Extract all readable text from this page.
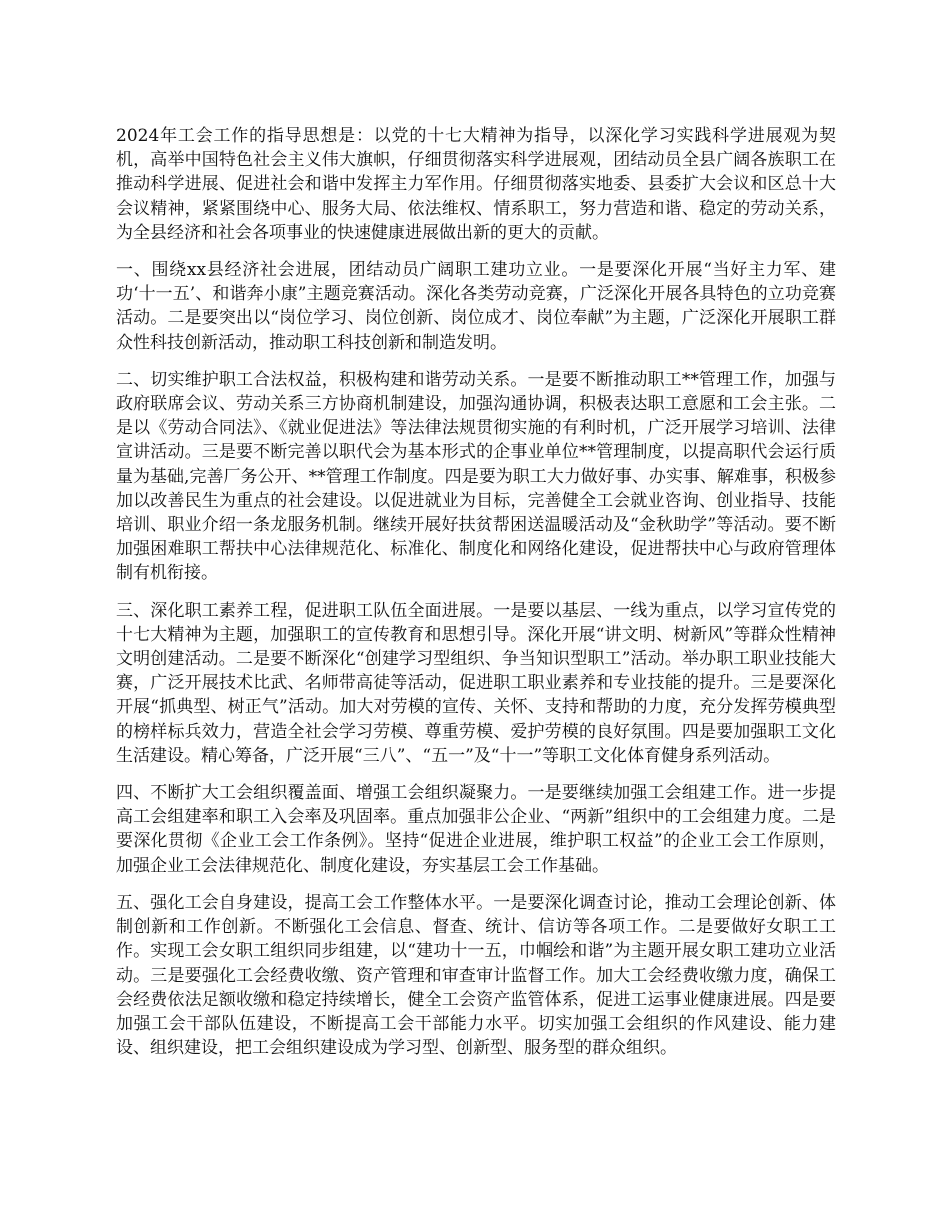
2024年工会工作的指导思想是：以党的十七大精神为指导，以深化学习实践科学进展观为契机，高举中国特色社会主义伟大旗帜，仔细贯彻落实科学进展观，团结动员全县广阔各族职工在推动科学进展、促进社会和谐中发挥主力军作用。仔细贯彻落实地委、县委扩大会议和区总十大会议精神，紧紧围绕中心、服务大局、依法维权、情系职工，努力营造和谐、稳定的劳动关系，为全县经济和社会各项事业的快速健康进展做出新的更大的贡献。

一、围绕xx县经济社会进展，团结动员广阔职工建功立业。一是要深化开展“当好主力军、建功‘十一五’、和谐奔小康”主题竞赛活动。深化各类劳动竞赛，广泛深化开展各具特色的立功竞赛活动。二是要突出以“岗位学习、岗位创新、岗位成才、岗位奉献”为主题，广泛深化开展职工群众性科技创新活动，推动职工科技创新和制造发明。

二、切实维护职工合法权益，积极构建和谐劳动关系。一是要不断推动职工**管理工作，加强与政府联席会议、劳动关系三方协商机制建设，加强沟通协调，积极表达职工意愿和工会主张。二是以《劳动合同法》、《就业促进法》等法律法规贯彻实施的有利时机，广泛开展学习培训、法律宣讲活动。三是要不断完善以职代会为基本形式的企事业单位**管理制度，以提高职代会运行质量为基础,完善厂务公开、**管理工作制度。四是要为职工大力做好事、办实事、解难事，积极参加以改善民生为重点的社会建设。以促进就业为目标，完善健全工会就业咨询、创业指导、技能培训、职业介绍一条龙服务机制。继续开展好扶贫帮困送温暖活动及“金秋助学”等活动。要不断加强困难职工帮扶中心法律规范化、标准化、制度化和网络化建设，促进帮扶中心与政府管理体制有机衔接。

三、深化职工素养工程，促进职工队伍全面进展。一是要以基层、一线为重点，以学习宣传党的十七大精神为主题，加强职工的宣传教育和思想引导。深化开展“讲文明、树新风”等群众性精神文明创建活动。二是要不断深化“创建学习型组织、争当知识型职工”活动。举办职工职业技能大赛，广泛开展技术比武、名师带高徒等活动，促进职工职业素养和专业技能的提升。三是要深化开展“抓典型、树正气”活动。加大对劳模的宣传、关怀、支持和帮助的力度，充分发挥劳模典型的榜样标兵效力，营造全社会学习劳模、尊重劳模、爱护劳模的良好氛围。四是要加强职工文化生活建设。精心筹备，广泛开展“三八”、“五一”及“十一”等职工文化体育健身系列活动。

四、不断扩大工会组织覆盖面、增强工会组织凝聚力。一是要继续加强工会组建工作。进一步提高工会组建率和职工入会率及巩固率。重点加强非公企业、“两新”组织中的工会组建力度。二是要深化贯彻《企业工会工作条例》。坚持“促进企业进展，维护职工权益”的企业工会工作原则，加强企业工会法律规范化、制度化建设，夯实基层工会工作基础。

五、强化工会自身建设，提高工会工作整体水平。一是要深化调查讨论，推动工会理论创新、体制创新和工作创新。不断强化工会信息、督查、统计、信访等各项工作。二是要做好女职工工作。实现工会女职工组织同步组建，以“建功十一五，巾帼绘和谐”为主题开展女职工建功立业活动。三是要强化工会经费收缴、资产管理和审查审计监督工作。加大工会经费收缴力度，确保工会经费依法足额收缴和稳定持续增长，健全工会资产监管体系，促进工运事业健康进展。四是要加强工会干部队伍建设，不断提高工会干部能力水平。切实加强工会组织的作风建设、能力建设、组织建设，把工会组织建设成为学习型、创新型、服务型的群众组织。
